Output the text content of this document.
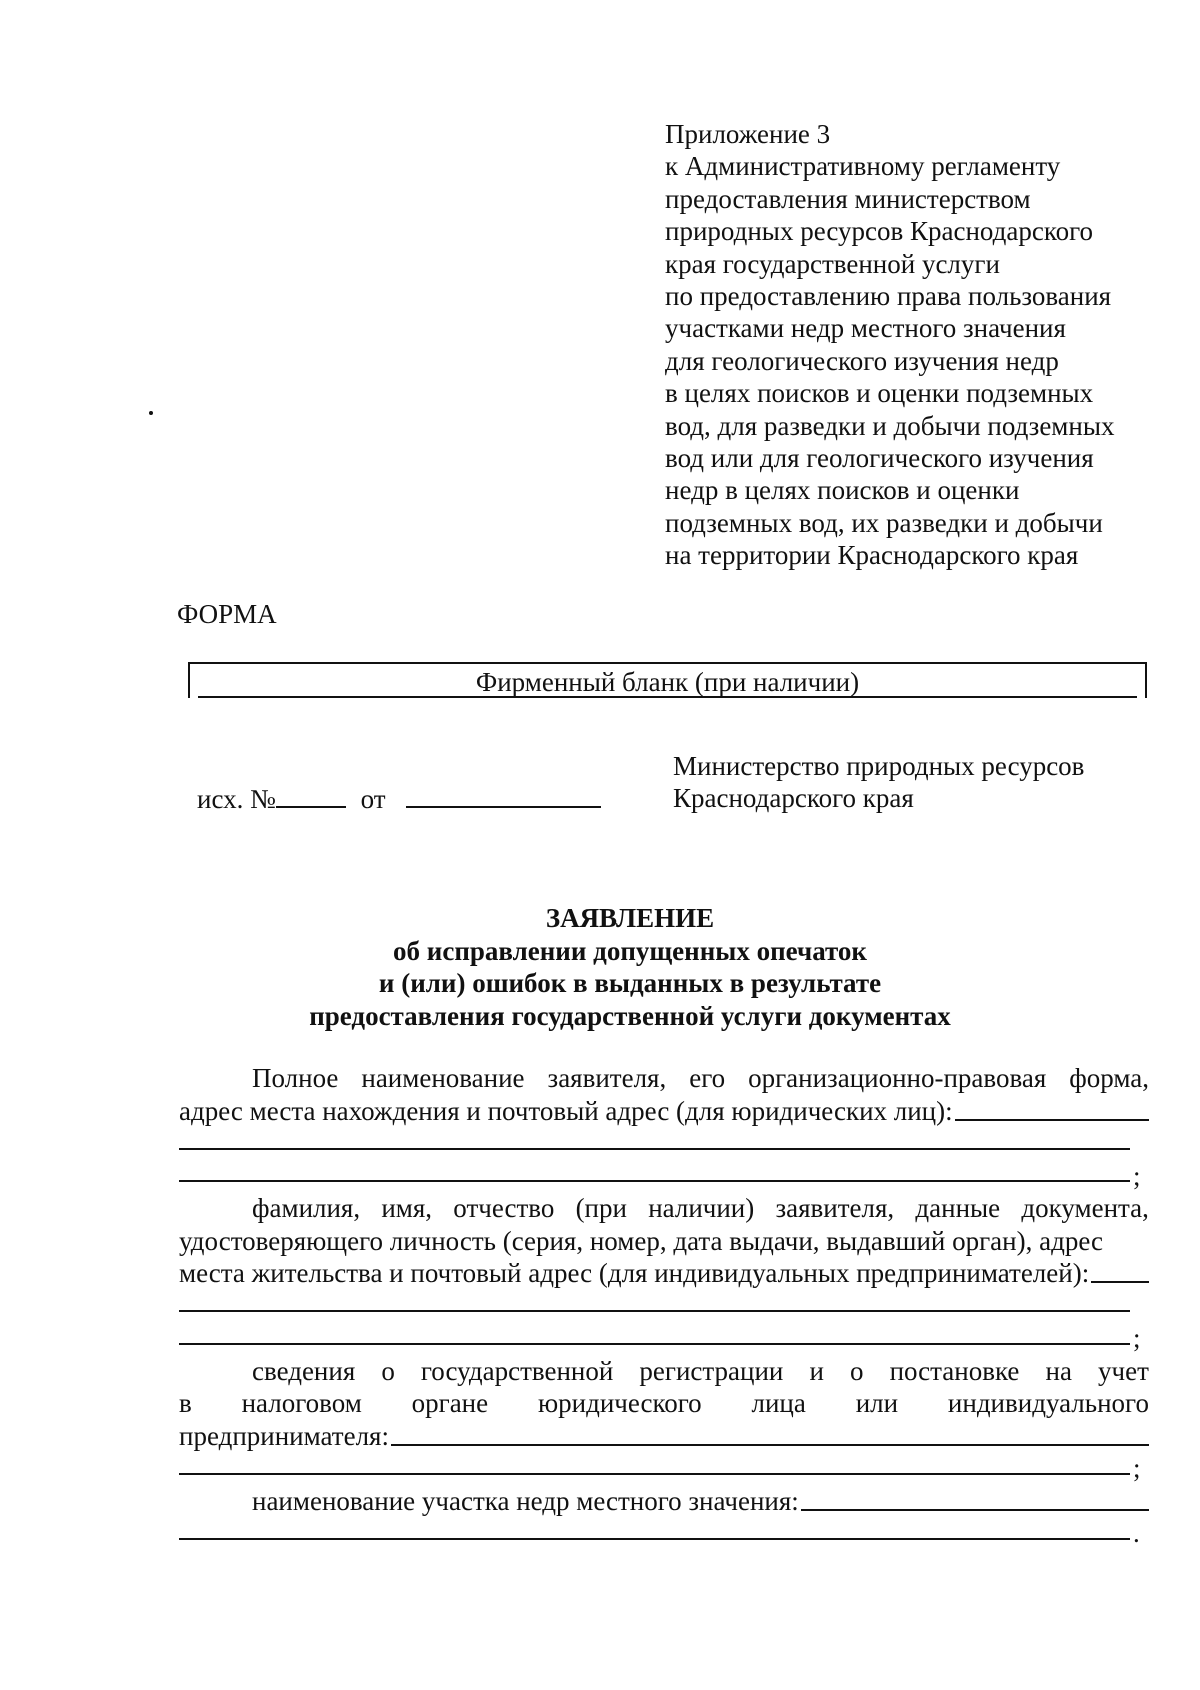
Приложение 3
к Административному регламенту
предоставления министерством
природных ресурсов Краснодарского
края государственной услуги
по предоставлению права пользования
участками недр местного значения
для геологического изучения недр
в целях поисков и оценки подземных
вод, для разведки и добычи подземных
вод или для геологического изучения
недр в целях поисков и оценки
подземных вод, их разведки и добычи
на территории Краснодарского края
ФОРМА
Фирменный бланк (при наличии)
исх. №	от
Министерство природных ресурсов
Краснодарского края
ЗАЯВЛЕНИЕ
об исправлении допущенных опечаток
и (или) ошибок в выданных в результате
предоставления государственной услуги документах
Полное наименование заявителя, его организационно-правовая форма,
адрес места нахождения и почтовый адрес (для юридических лиц):
;
фамилия, имя, отчество (при наличии) заявителя, данные документа,
удостоверяющего личность (серия, номер, дата выдачи, выдавший орган), адрес
места жительства и почтовый адрес (для индивидуальных предпринимателей):
;
сведения о государственной регистрации и о постановке на учет
в налоговом органе юридического лица или индивидуального
предпринимателя:
;
наименование участка недр местного значения:
.
